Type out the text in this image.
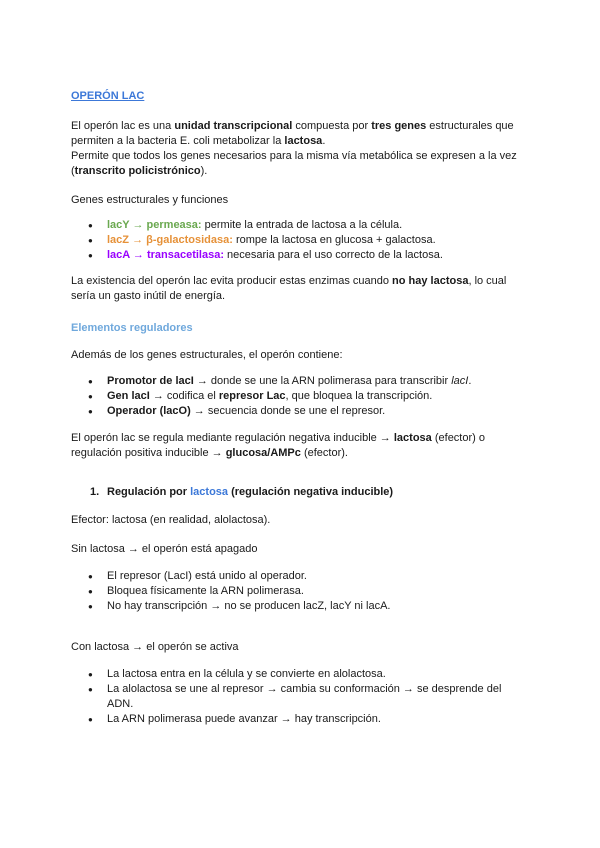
OPERÓN LAC

El operón lac es una unidad transcripcional compuesta por tres genes estructurales que permiten a la bacteria E. coli metabolizar la lactosa.
Permite que todos los genes necesarios para la misma vía metabólica se expresen a la vez (transcrito policistrónico).

Genes estructurales y funciones

● lacY → permeasa: permite la entrada de lactosa a la célula.
● lacZ → β-galactosidasa: rompe la lactosa en glucosa + galactosa.
● lacA → transacetilasa: necesaria para el uso correcto de la lactosa.

La existencia del operón lac evita producir estas enzimas cuando no hay lactosa, lo cual sería un gasto inútil de energía.

Elementos reguladores

Además de los genes estructurales, el operón contiene:

● Promotor de lacI → donde se une la ARN polimerasa para transcribir lacI.
● Gen lacI → codifica el represor Lac, que bloquea la transcripción.
● Operador (lacO) → secuencia donde se une el represor.

El operón lac se regula mediante regulación negativa inducible → lactosa (efector) o regulación positiva inducible → glucosa/AMPc (efector).

1. Regulación por lactosa (regulación negativa inducible)

Efector: lactosa (en realidad, alolactosa).

Sin lactosa → el operón está apagado

● El represor (LacI) está unido al operador.
● Bloquea físicamente la ARN polimerasa.
● No hay transcripción → no se producen lacZ, lacY ni lacA.

Con lactosa → el operón se activa

● La lactosa entra en la célula y se convierte en alolactosa.
● La alolactosa se une al represor → cambia su conformación → se desprende del ADN.
● La ARN polimerasa puede avanzar → hay transcripción.
